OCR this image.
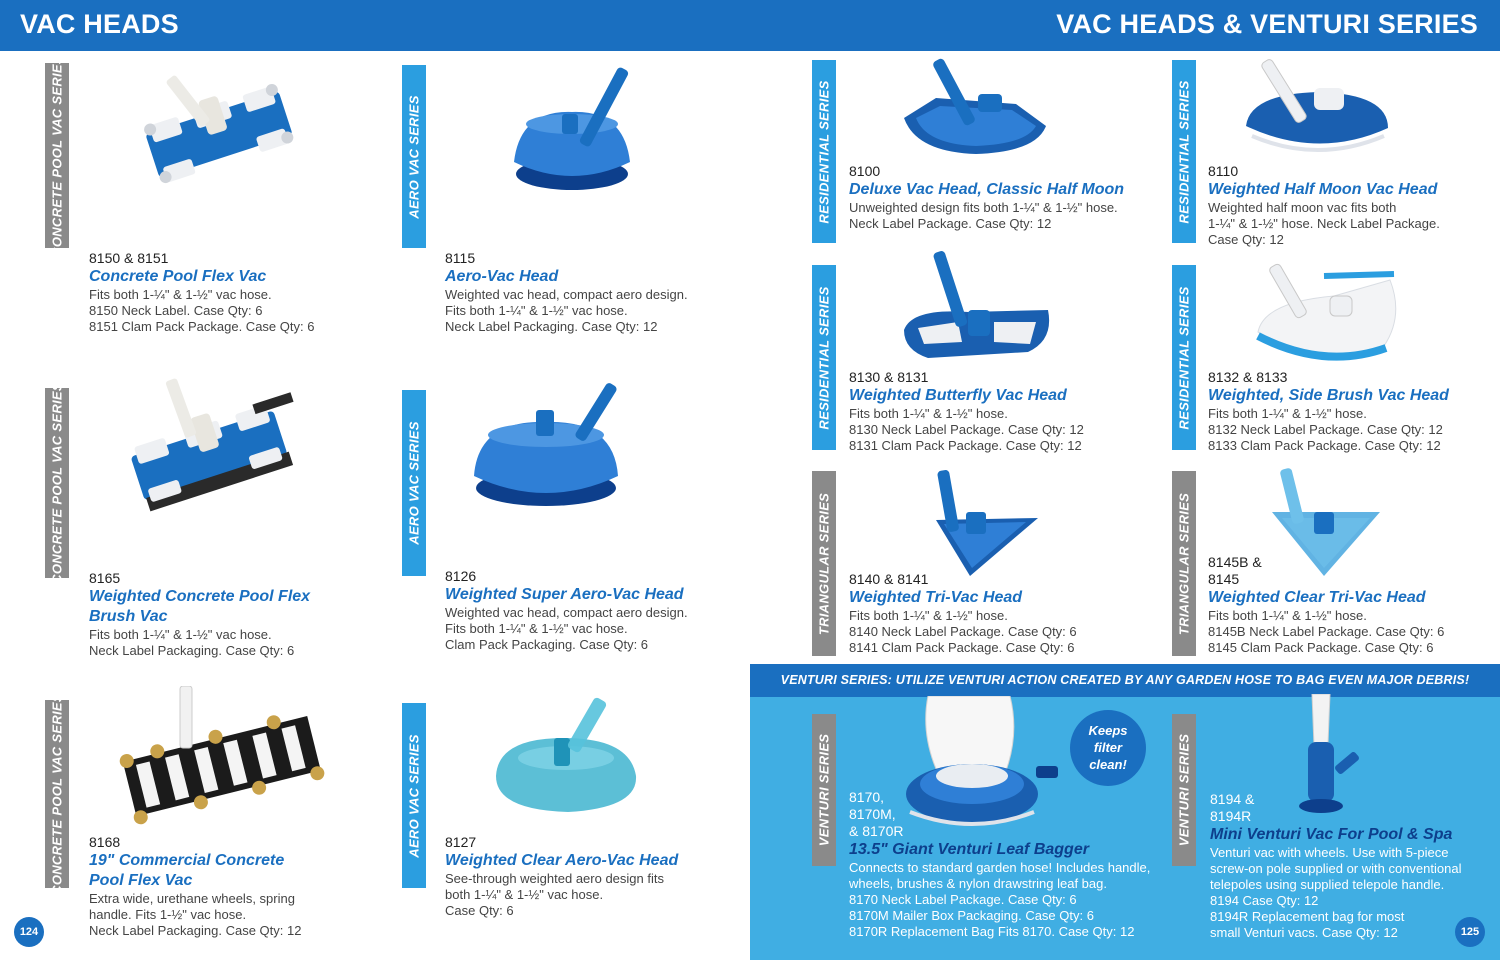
VAC HEADS	VAC HEADS & VENTURI SERIES
CONCRETE POOL VAC SERIES
CONCRETE POOL VAC SERIES
CONCRETE POOL VAC SERIES
8150 & 8151
Concrete Pool Flex Vac
Fits both 1-¼" & 1-½" vac hose.
8150 Neck Label. Case Qty: 6
8151 Clam Pack Package. Case Qty: 6
8165
Weighted Concrete Pool Flex
Brush Vac
Fits both 1-¼" & 1-½" vac hose.
Neck Label Packaging. Case Qty: 6
8168
19" Commercial Concrete
Pool Flex Vac
Extra wide, urethane wheels, spring
handle. Fits 1-½" vac hose.
Neck Label Packaging. Case Qty: 12
124
AERO VAC SERIES
AERO VAC SERIES
AERO VAC SERIES
8115
Aero-Vac Head
Weighted vac head, compact aero design.
Fits both 1-¼" & 1-½" vac hose.
Neck Label Packaging. Case Qty: 12
8126
Weighted Super Aero-Vac Head
Weighted vac head, compact aero design.
Fits both 1-¼" & 1-½" vac hose.
Clam Pack Packaging. Case Qty: 6
8127
Weighted Clear Aero-Vac Head
See-through weighted aero design fits
both 1-¼" & 1-½" vac hose.
Case Qty: 6
RESIDENTIAL SERIES
RESIDENTIAL SERIES
TRIANGULAR SERIES
8100
Deluxe Vac Head, Classic Half Moon
Unweighted design fits both 1-¼" & 1-½" hose.
Neck Label Package. Case Qty: 12
8130 & 8131
Weighted Butterfly Vac Head
Fits both 1-¼" & 1-½" hose.
8130 Neck Label Package. Case Qty: 12
8131 Clam Pack Package. Case Qty: 12
8140 & 8141
Weighted Tri-Vac Head
Fits both 1-¼" & 1-½" hose.
8140 Neck Label Package. Case Qty: 6
8141 Clam Pack Package. Case Qty: 6
RESIDENTIAL SERIES
RESIDENTIAL SERIES
TRIANGULAR SERIES
8110
Weighted Half Moon Vac Head
Weighted half moon vac fits both
1-¼" & 1-½" hose. Neck Label Package.
Case Qty: 12
8132 & 8133
Weighted, Side Brush Vac Head
Fits both 1-¼" & 1-½" hose.
8132 Neck Label Package. Case Qty: 12
8133 Clam Pack Package. Case Qty: 12
8145B &
8145
Weighted Clear Tri-Vac Head
Fits both 1-¼" & 1-½" hose.
8145B Neck Label Package. Case Qty: 6
8145 Clam Pack Package. Case Qty: 6
VENTURI SERIES: UTILIZE VENTURI ACTION CREATED BY ANY GARDEN HOSE TO BAG EVEN MAJOR DEBRIS!
VENTURI SERIES	VENTURI SERIES
Keeps
filter
clean!
8170,
8170M,
& 8170R
13.5" Giant Venturi Leaf Bagger
Connects to standard garden hose! Includes handle,
wheels, brushes & nylon drawstring leaf bag.
8170 Neck Label Package. Case Qty: 6
8170M Mailer Box Packaging. Case Qty: 6
8170R Replacement Bag Fits 8170. Case Qty: 12
8194 &
8194R
Mini Venturi Vac For Pool & Spa
Venturi vac with wheels. Use with 5-piece
screw-on pole supplied or with conventional
telepoles using supplied telepole handle.
8194 Case Qty: 12
8194R Replacement bag for most
small Venturi vacs. Case Qty: 12	125
